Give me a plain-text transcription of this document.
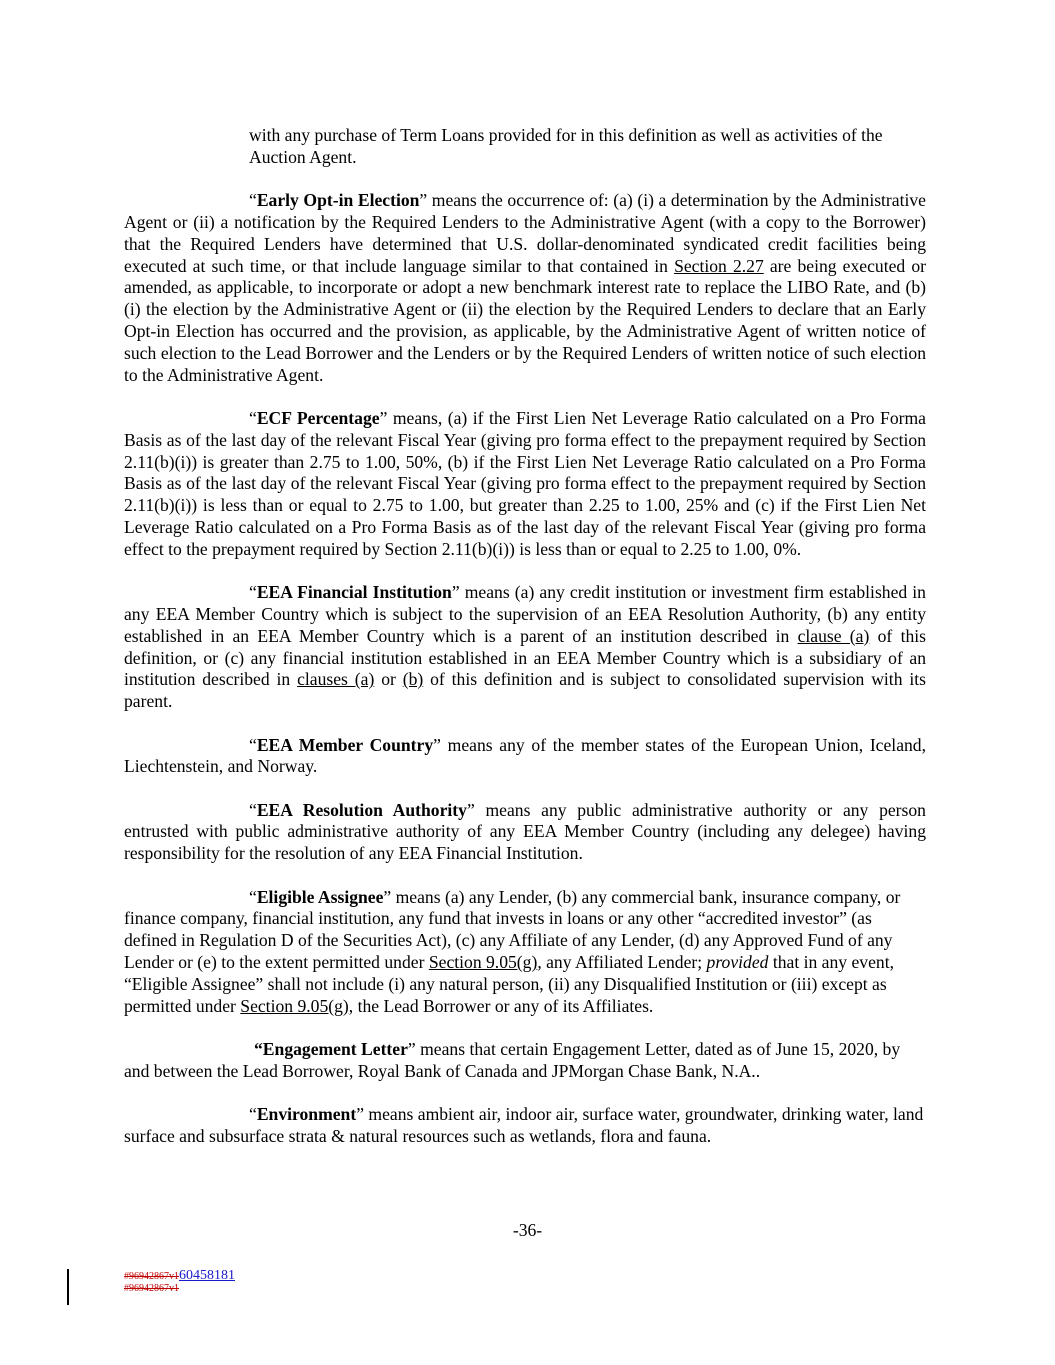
with any purchase of Term Loans provided for in this definition as well as activities of the Auction Agent.

“Early Opt-in Election” means the occurrence of: (a) (i) a determination by the Administrative Agent or (ii) a notification by the Required Lenders to the Administrative Agent (with a copy to the Borrower) that the Required Lenders have determined that U.S. dollar-denominated syndicated credit facilities being executed at such time, or that include language similar to that contained in Section 2.27 are being executed or amended, as applicable, to incorporate or adopt a new benchmark interest rate to replace the LIBO Rate, and (b) (i) the election by the Administrative Agent or (ii) the election by the Required Lenders to declare that an Early Opt-in Election has occurred and the provision, as applicable, by the Administrative Agent of written notice of such election to the Lead Borrower and the Lenders or by the Required Lenders of written notice of such election to the Administrative Agent.

“ECF Percentage” means, (a) if the First Lien Net Leverage Ratio calculated on a Pro Forma Basis as of the last day of the relevant Fiscal Year (giving pro forma effect to the prepayment required by Section 2.11(b)(i)) is greater than 2.75 to 1.00, 50%, (b) if the First Lien Net Leverage Ratio calculated on a Pro Forma Basis as of the last day of the relevant Fiscal Year (giving pro forma effect to the prepayment required by Section 2.11(b)(i)) is less than or equal to 2.75 to 1.00, but greater than 2.25 to 1.00, 25% and (c) if the First Lien Net Leverage Ratio calculated on a Pro Forma Basis as of the last day of the relevant Fiscal Year (giving pro forma effect to the prepayment required by Section 2.11(b)(i)) is less than or equal to 2.25 to 1.00, 0%.

“EEA Financial Institution” means (a) any credit institution or investment firm established in any EEA Member Country which is subject to the supervision of an EEA Resolution Authority, (b) any entity established in an EEA Member Country which is a parent of an institution described in clause (a) of this definition, or (c) any financial institution established in an EEA Member Country which is a subsidiary of an institution described in clauses (a) or (b) of this definition and is subject to consolidated supervision with its parent.

“EEA Member Country” means any of the member states of the European Union, Iceland, Liechtenstein, and Norway.

“EEA Resolution Authority” means any public administrative authority or any person entrusted with public administrative authority of any EEA Member Country (including any delegee) having responsibility for the resolution of any EEA Financial Institution.

“Eligible Assignee” means (a) any Lender, (b) any commercial bank, insurance company, or finance company, financial institution, any fund that invests in loans or any other “accredited investor” (as defined in Regulation D of the Securities Act), (c) any Affiliate of any Lender, (d) any Approved Fund of any Lender or (e) to the extent permitted under Section 9.05(g), any Affiliated Lender; provided that in any event, “Eligible Assignee” shall not include (i) any natural person, (ii) any Disqualified Institution or (iii) except as permitted under Section 9.05(g), the Lead Borrower or any of its Affiliates.

“Engagement Letter” means that certain Engagement Letter, dated as of June 15, 2020, by and between the Lead Borrower, Royal Bank of Canada and JPMorgan Chase Bank, N.A..

“Environment” means ambient air, indoor air, surface water, groundwater, drinking water, land surface and subsurface strata & natural resources such as wetlands, flora and fauna.

-36-
#96942867v160458181
#96942867v1
